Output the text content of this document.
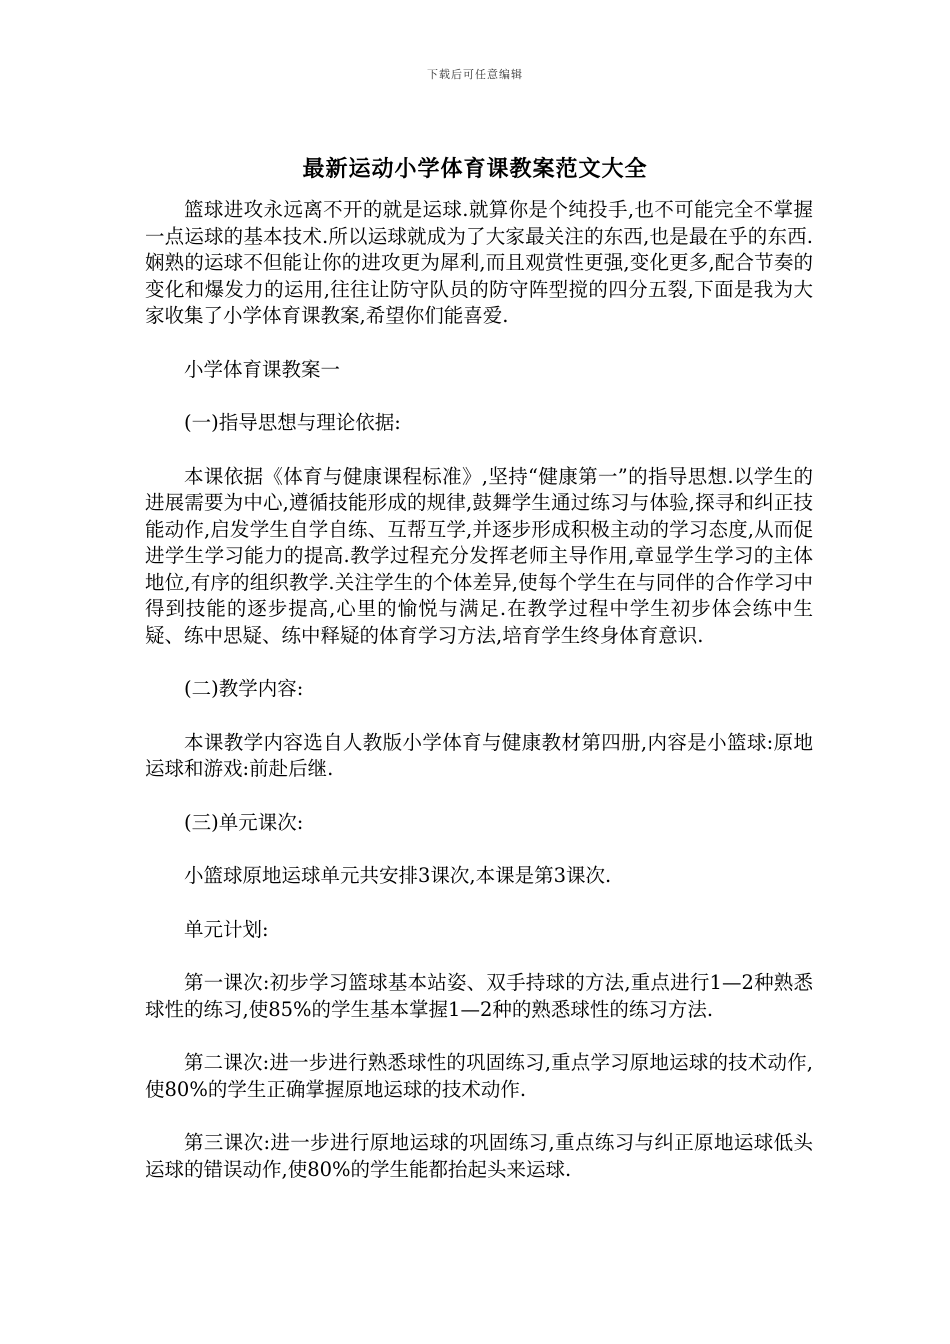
下载后可任意编辑
最新运动小学体育课教案范文大全

篮球进攻永远离不开的就是运球.就算你是个纯投手,也不可能完全不掌握一点运球的基本技术.所以运球就成为了大家最关注的东西,也是最在乎的东西.娴熟的运球不但能让你的进攻更为犀利,而且观赏性更强,变化更多,配合节奏的变化和爆发力的运用,往往让防守队员的防守阵型搅的四分五裂,下面是我为大家收集了小学体育课教案,希望你们能喜爱.

小学体育课教案一

(一)指导思想与理论依据:

本课依据《体育与健康课程标准》,坚持“健康第一”的指导思想.以学生的进展需要为中心,遵循技能形成的规律,鼓舞学生通过练习与体验,探寻和纠正技能动作,启发学生自学自练、互帮互学,并逐步形成积极主动的学习态度,从而促进学生学习能力的提高.教学过程充分发挥老师主导作用,章显学生学习的主体地位,有序的组织教学.关注学生的个体差异,使每个学生在与同伴的合作学习中得到技能的逐步提高,心里的愉悦与满足.在教学过程中学生初步体会练中生疑、练中思疑、练中释疑的体育学习方法,培育学生终身体育意识.

(二)教学内容:

本课教学内容选自人教版小学体育与健康教材第四册,内容是小篮球:原地运球和游戏:前赴后继.

(三)单元课次:

小篮球原地运球单元共安排3课次,本课是第3课次.

单元计划:

第一课次:初步学习篮球基本站姿、双手持球的方法,重点进行1—2种熟悉球性的练习,使85%的学生基本掌握1—2种的熟悉球性的练习方法.

第二课次:进一步进行熟悉球性的巩固练习,重点学习原地运球的技术动作,使80%的学生正确掌握原地运球的技术动作.

第三课次:进一步进行原地运球的巩固练习,重点练习与纠正原地运球低头运球的错误动作,使80%的学生能都抬起头来运球.
